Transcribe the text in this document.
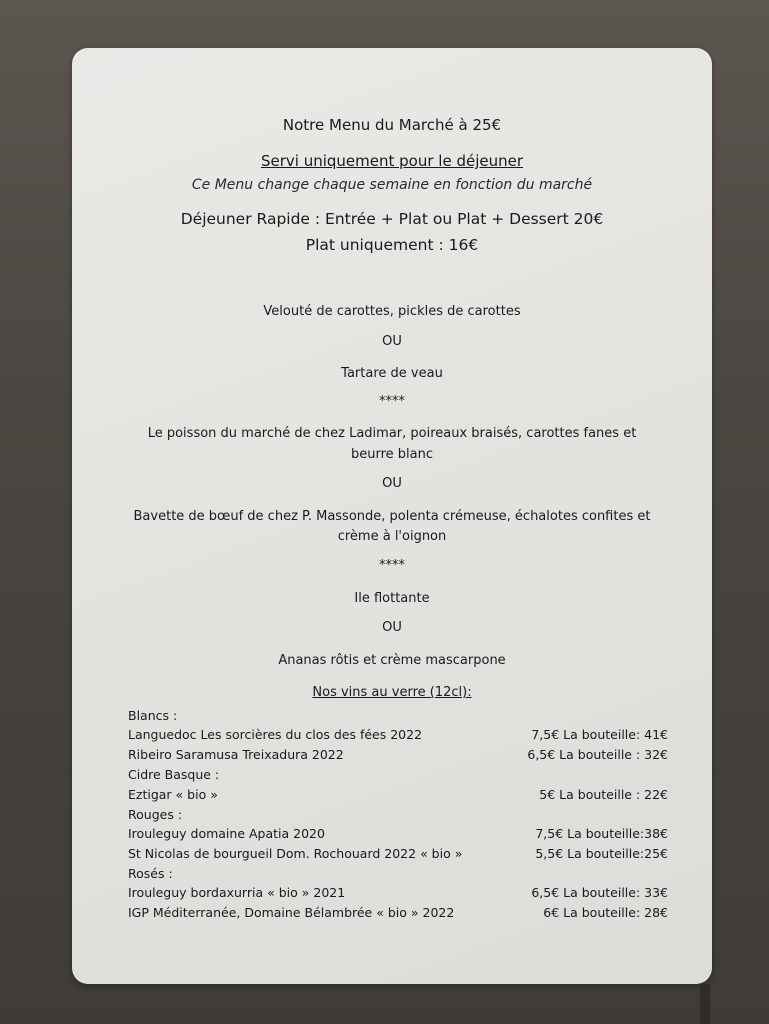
Notre Menu du Marché à 25€
Servi uniquement pour le déjeuner
Ce Menu change chaque semaine en fonction du marché
Déjeuner Rapide : Entrée + Plat ou Plat + Dessert 20€
Plat uniquement : 16€
Velouté de carottes, pickles de carottes
OU
Tartare de veau
****
Le poisson du marché de chez Ladimar, poireaux braisés, carottes fanes et
beurre blanc
OU
Bavette de bœuf de chez P. Massonde, polenta crémeuse, échalotes confites et
crème à l'oignon
****
Ile flottante
OU
Ananas rôtis et crème mascarpone
Nos vins au verre (12cl):
Blancs :
Languedoc Les sorcières du clos des fées 2022	7,5€ La bouteille: 41€
Ribeiro Saramusa Treixadura 2022	6,5€ La bouteille : 32€
Cidre Basque :
Eztigar « bio »	5€ La bouteille : 22€
Rouges :
Irouleguy domaine Apatia 2020	7,5€ La bouteille:38€
St Nicolas de bourgueil Dom. Rochouard 2022 « bio »	5,5€ La bouteille:25€
Rosés :
Irouleguy bordaxurria « bio » 2021	6,5€ La bouteille: 33€
IGP Méditerranée, Domaine Bélambrée « bio » 2022	6€ La bouteille: 28€
